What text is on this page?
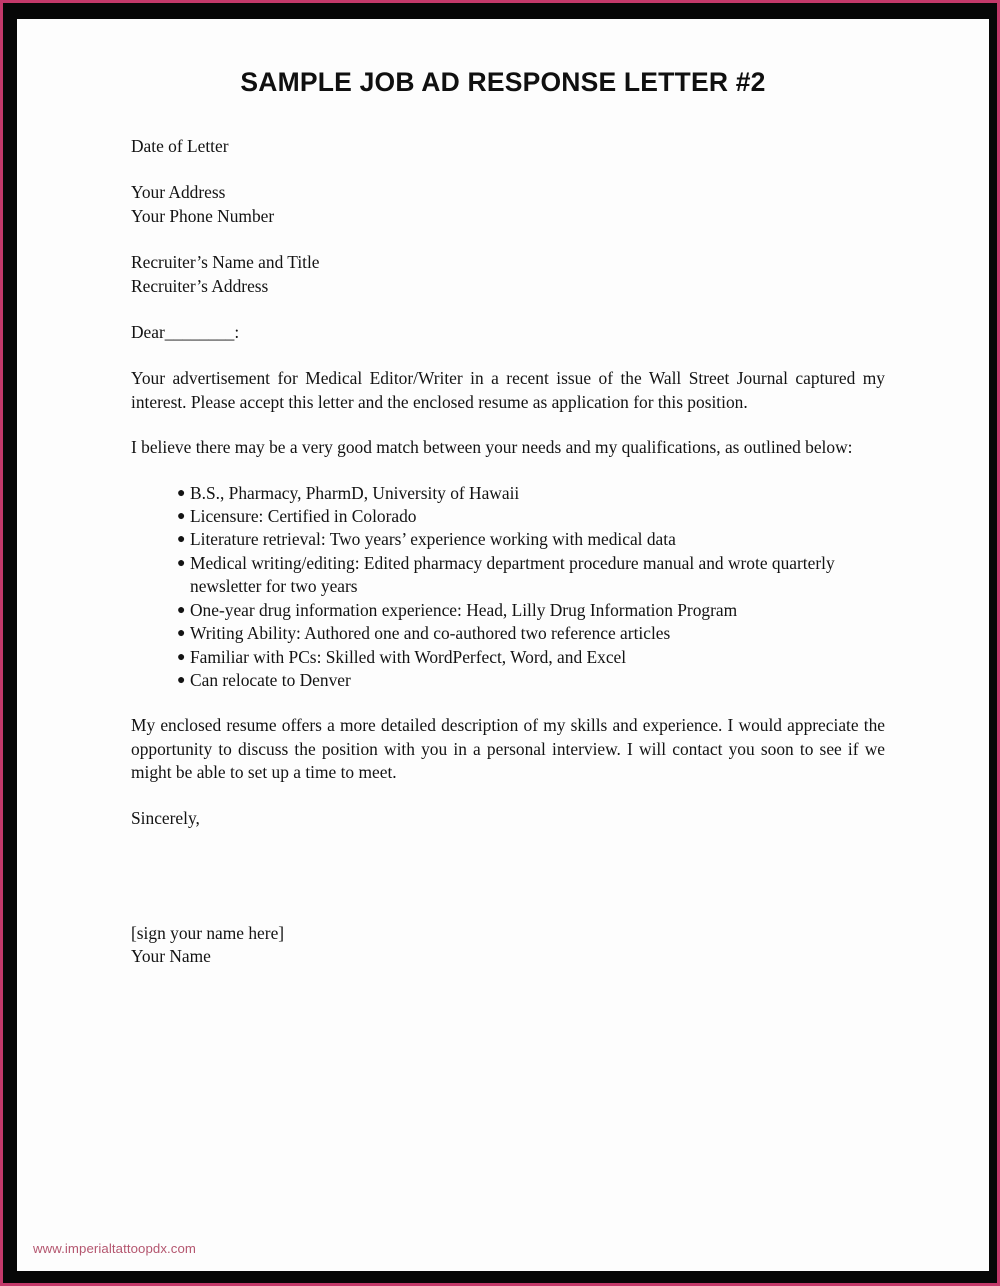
SAMPLE JOB AD RESPONSE LETTER #2
Date of Letter
Your Address
Your Phone Number
Recruiter’s Name and Title
Recruiter’s Address
Dear________:
Your advertisement for Medical Editor/Writer in a recent issue of the Wall Street Journal captured my interest. Please accept this letter and the enclosed resume as application for this position.
I believe there may be a very good match between your needs and my qualifications, as outlined below:
● B.S., Pharmacy, PharmD, University of Hawaii
● Licensure: Certified in Colorado
● Literature retrieval: Two years’ experience working with medical data
● Medical writing/editing: Edited pharmacy department procedure manual and wrote quarterly newsletter for two years
● One-year drug information experience: Head, Lilly Drug Information Program
● Writing Ability: Authored one and co-authored two reference articles
● Familiar with PCs: Skilled with WordPerfect, Word, and Excel
● Can relocate to Denver
My enclosed resume offers a more detailed description of my skills and experience. I would appreciate the opportunity to discuss the position with you in a personal interview. I will contact you soon to see if we might be able to set up a time to meet.
Sincerely,
[sign your name here]
Your Name
www.imperialtattoopdx.com
